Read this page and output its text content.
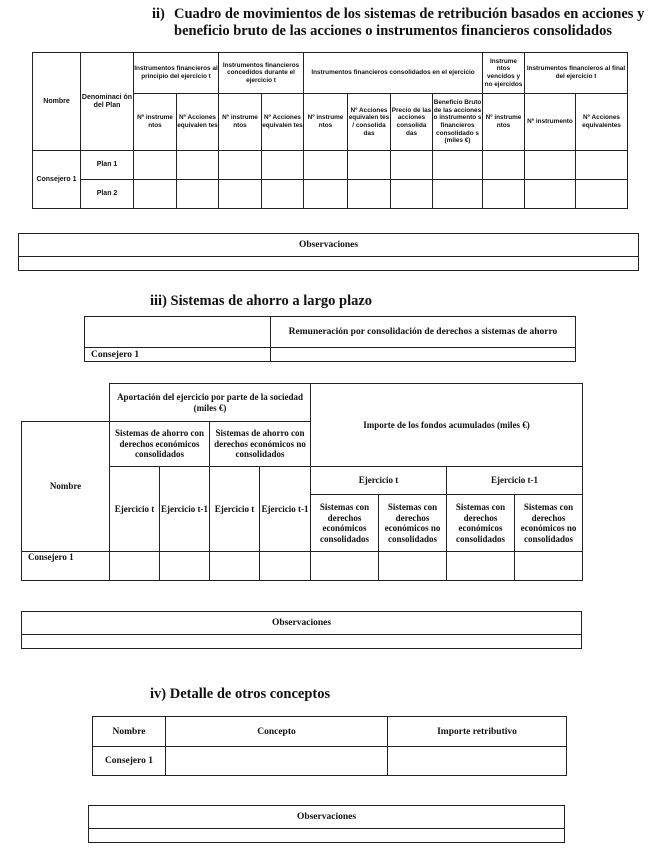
ii) Cuadro de movimientos de los sistemas de retribución basados en acciones y
beneficio bruto de las acciones o instrumentos financieros consolidados
Nombre	Denominaci ón del Plan	Instrumentos financieros al principio del ejercicio t		Instrumentos financieros concedidos durante el ejercicio t		Instrumentos financieros consolidados en el ejercicio				Instrume ntos vencidos y no ejercidos	Instrumentos financieros al final del ejercicio t	
		Nº instrume ntos	Nº Acciones equivalen tes	Nº instrume ntos	Nº Acciones equivalen tes	Nº instrume ntos	Nº Acciones equivalen tes / consolida das	Precio de las acciones consolida das	Beneficio Bruto de las acciones o instrumento s financieros consolidado s (miles €)	Nº instrume ntos	Nº instrumento	Nº Acciones equivalentes
Consejero 1	Plan 1											
	Plan 2											
Observaciones

iii) Sistemas de ahorro a largo plazo
	Remuneración por consolidación de derechos a sistemas de ahorro
Consejero 1	
	Aportación del ejercicio por parte de la sociedad (miles €)				Importe de los fondos acumulados (miles €)			
Nombre	Sistemas de ahorro con derechos económicos consolidados		Sistemas de ahorro con derechos económicos no consolidados					
	Ejercicio t	Ejercicio t-1	Ejercicio t	Ejercicio t-1	Ejercicio t		Ejercicio t-1	
					Sistemas con derechos económicos consolidados	Sistemas con derechos económicos no consolidados	Sistemas con derechos económicos consolidados	Sistemas con derechos económicos no consolidados
Consejero 1								
Observaciones

iv) Detalle de otros conceptos
Nombre	Concepto	Importe retributivo
Consejero 1		
Observaciones
